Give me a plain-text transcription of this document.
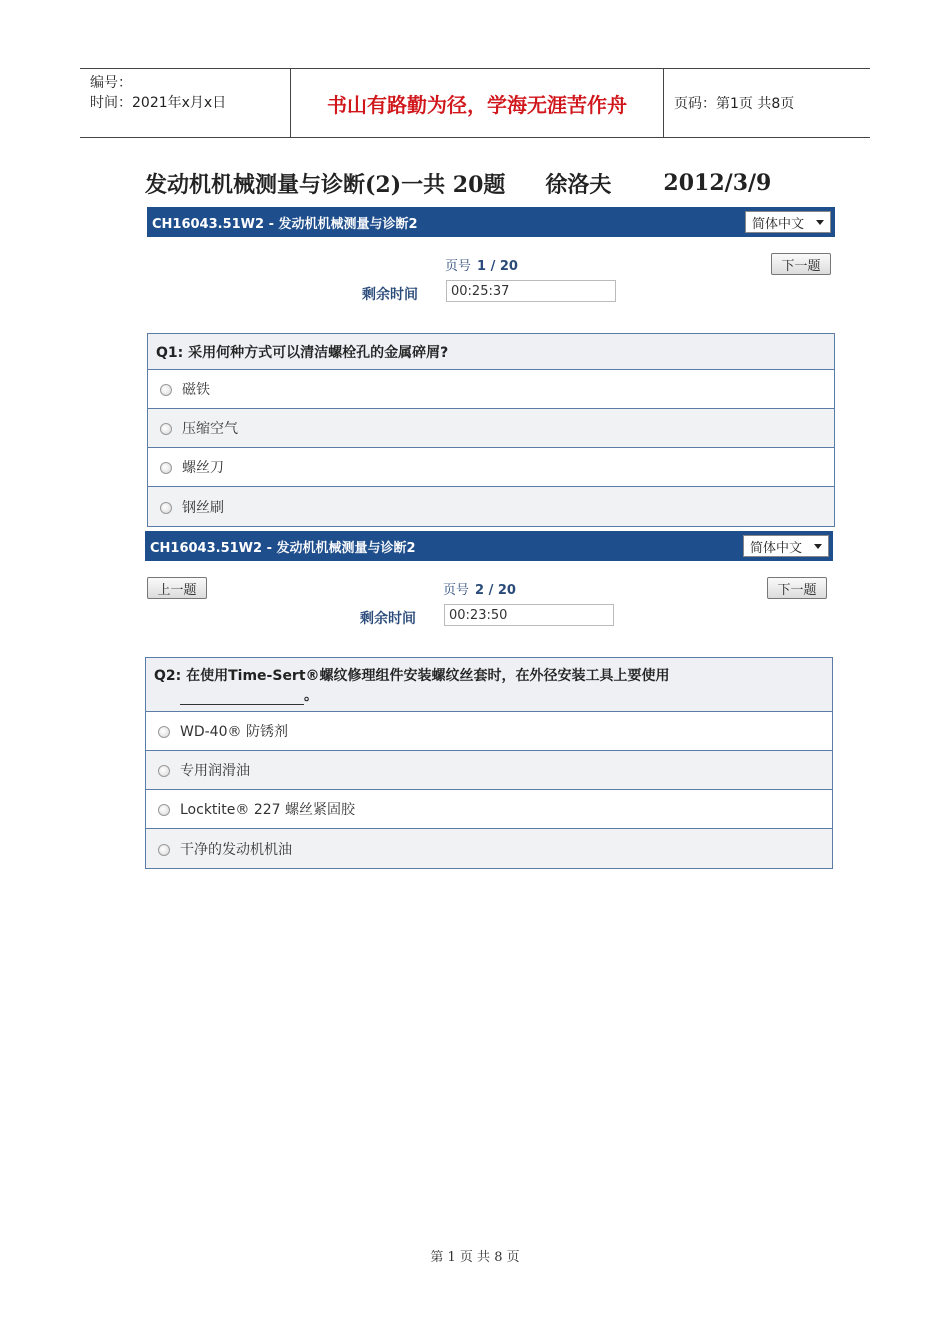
编号：
时间：2021年x月x日	书山有路勤为径，学海无涯苦作舟	页码：第1页 共8页
发动机机械测量与诊断(2)一共 20题 徐洛夫 2012/3/9
CH16043.51W2 - 发动机机械测量与诊断2	简体中文
下一题
页号 1 / 20
剩余时间	00:25:37
Q1: 采用何种方式可以清洁螺栓孔的金属碎屑?
磁铁
压缩空气
螺丝刀
钢丝刷
CH16043.51W2 - 发动机机械测量与诊断2	简体中文
上一题	下一题
页号 2 / 20
剩余时间	00:23:50
Q2: 在使用Time-Sert®螺纹修理组件安装螺纹丝套时，在外径安装工具上要使用
。
WD-40® 防锈剂
专用润滑油
Locktite® 227 螺丝紧固胶
干净的发动机机油
第 1 页 共 8 页
